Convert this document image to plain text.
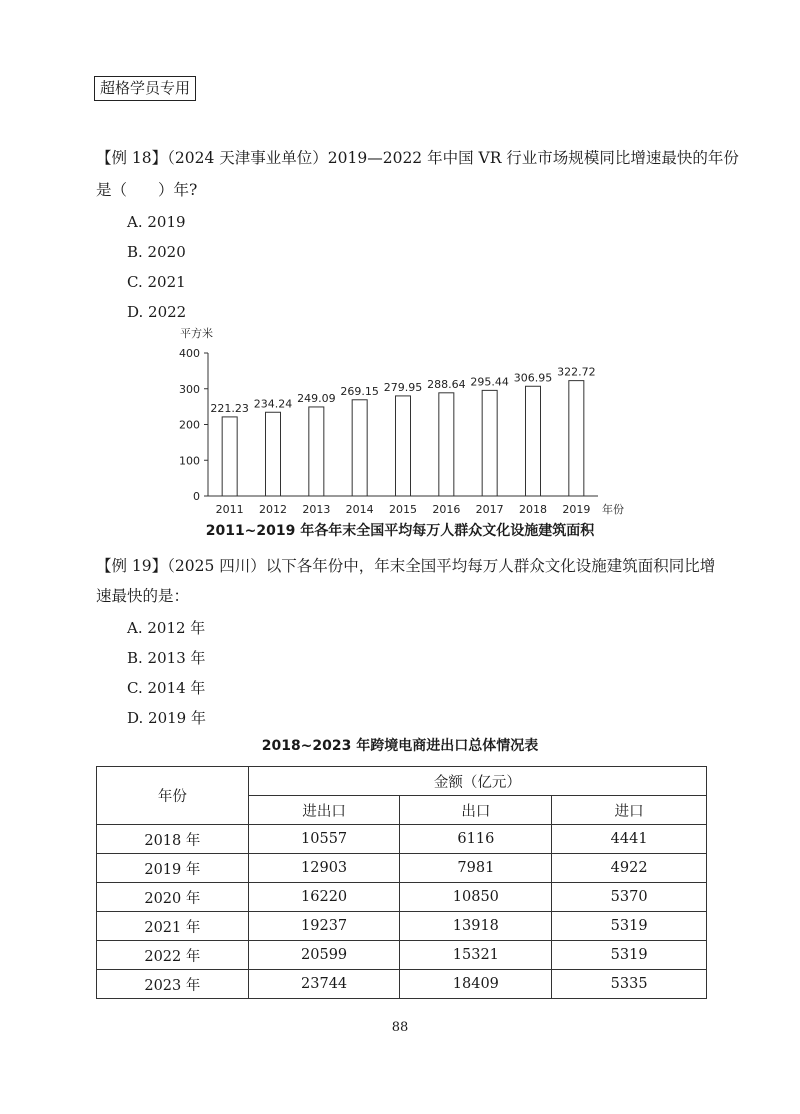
超格学员专用
【例 18】（2024 天津事业单位）2019—2022 年中国 VR 行业市场规模同比增速最快的年份
是（　　）年?
A. 2019
B. 2020
C. 2021
D. 2022
平方米
0
100
200
300
400
221.23
2011
234.24
2012
249.09
2013
269.15
2014
279.95
2015
288.64
2016
295.44
2017
306.95
2018
322.72
2019 年份
2011~2019 年各年末全国平均每万人群众文化设施建筑面积
【例 19】（2025 四川）以下各年份中，年末全国平均每万人群众文化设施建筑面积同比增
速最快的是：
A. 2012 年
B. 2013 年
C. 2014 年
D. 2019 年
2018~2023 年跨境电商进出口总体情况表
年份	金额（亿元）		
	进出口	出口	进口
2018 年	10557	6116	4441
2019 年	12903	7981	4922
2020 年	16220	10850	5370
2021 年	19237	13918	5319
2022 年	20599	15321	5319
2023 年	23744	18409	5335
88
